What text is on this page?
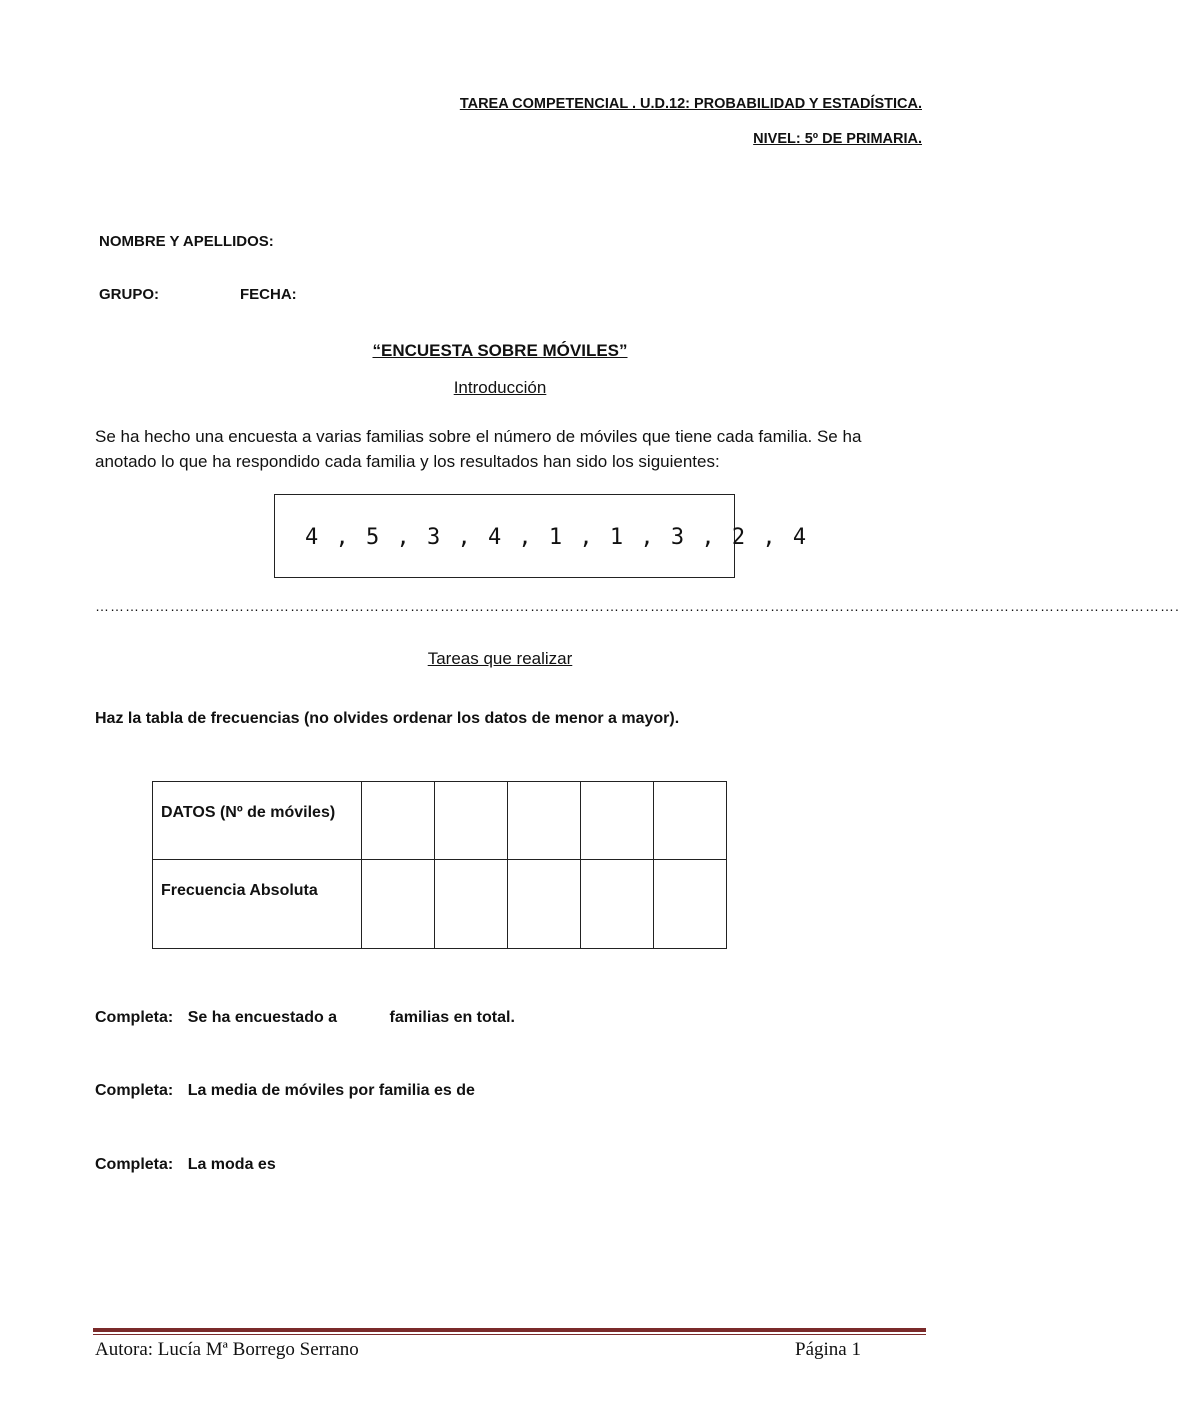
TAREA COMPETENCIAL . U.D.12: PROBABILIDAD Y ESTADÍSTICA.
NIVEL: 5º DE PRIMARIA.
NOMBRE Y APELLIDOS:
GRUPO:	FECHA:
“ENCUESTA SOBRE MÓVILES”
Introducción
Se ha hecho una encuesta a varias familias sobre el número de móviles que tiene cada familia. Se ha anotado lo que ha respondido cada familia y los resultados han sido los siguientes:
4 , 5 , 3 , 4 , 1 , 1 , 3 , 2 , 4
……………………………………………………………………………………………………………………………………………………………………………………………….
Tareas que realizar
Haz la tabla de frecuencias (no olvides ordenar los datos de menor a mayor).
DATOS (Nº de móviles)					

Frecuencia Absoluta					

Completa: Se ha encuestado a	familias en total.
Completa: La media de móviles por familia es de
Completa: La moda es
Autora: Lucía Mª Borrego Serrano	Página 1
